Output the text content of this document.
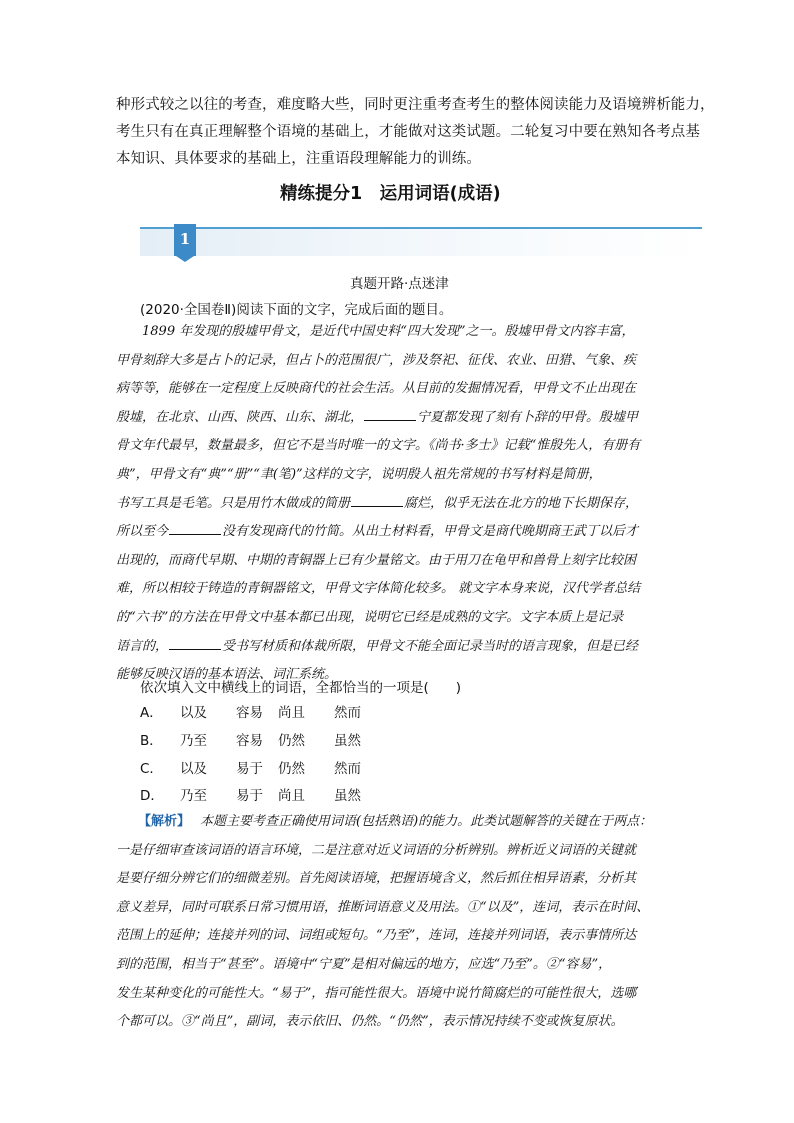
种形式较之以往的考查，难度略大些，同时更注重考查考生的整体阅读能力及语境辨析能力，

考生只有在真正理解整个语境的基础上，才能做对这类试题。二轮复习中要在熟知各考点基

本知识、具体要求的基础上，注重语段理解能力的训练。

精练提分1　运用词语(成语)
1
真题开路·点迷津
(2020·全国卷Ⅱ)阅读下面的文字，完成后面的题目。

　　1899 年发现的殷墟甲骨文，是近代中国史料“四大发现”之一。殷墟甲骨文内容丰富，

甲骨刻辞大多是占卜的记录，但占卜的范围很广，涉及祭祀、征伐、农业、田猎、气象、疾

病等等，能够在一定程度上反映商代的社会生活。从目前的发掘情况看，甲骨文不止出现在

殷墟，在北京、山西、陕西、山东、湖北，	宁夏都发现了刻有卜辞的甲骨。殷墟甲

骨文年代最早，数量最多，但它不是当时唯一的文字。《尚书·多士》记载“惟殷先人，有册有

典”，甲骨文有“典”“册”“聿(笔)”这样的文字，说明殷人祖先常规的书写材料是简册，

书写工具是毛笔。只是用竹木做成的简册	腐烂，似乎无法在北方的地下长期保存，

所以至今	没有发现商代的竹简。从出土材料看，甲骨文是商代晚期商王武丁以后才

出现的，而商代早期、中期的青铜器上已有少量铭文。由于用刀在龟甲和兽骨上刻字比较困

难，所以相较于铸造的青铜器铭文，甲骨文字体简化较多。 就文字本身来说，汉代学者总结

的“六书”的方法在甲骨文中基本都已出现，说明它已经是成熟的文字。文字本质上是记录

语言的，	受书写材质和体裁所限，甲骨文不能全面记录当时的语言现象，但是已经

能够反映汉语的基本语法、词汇系统。

依次填入文中横线上的词语，全都恰当的一项是(　　)
A． 以及 容易 尚且 然而
B． 乃至 容易 仍然 虽然
C． 以及 易于 仍然 然而
D． 乃至 易于 尚且 虽然

【解析】 本题主要考查正确使用词语(包括熟语)的能力。此类试题解答的关键在于两点：

一是仔细审查该词语的语言环境，二是注意对近义词语的分析辨别。辨析近义词语的关键就

是要仔细分辨它们的细微差别。首先阅读语境，把握语境含义，然后抓住相异语素，分析其

意义差异，同时可联系日常习惯用语，推断词语意义及用法。①“以及”，连词，表示在时间、

范围上的延伸；连接并列的词、词组或短句。“乃至”，连词，连接并列词语，表示事情所达

到的范围，相当于“甚至”。语境中“宁夏”是相对偏远的地方，应选“乃至”。②“容易”，

发生某种变化的可能性大。“易于”，指可能性很大。语境中说竹简腐烂的可能性很大，选哪

个都可以。③“尚且”，副词，表示依旧、仍然。“仍然”，表示情况持续不变或恢复原状。
